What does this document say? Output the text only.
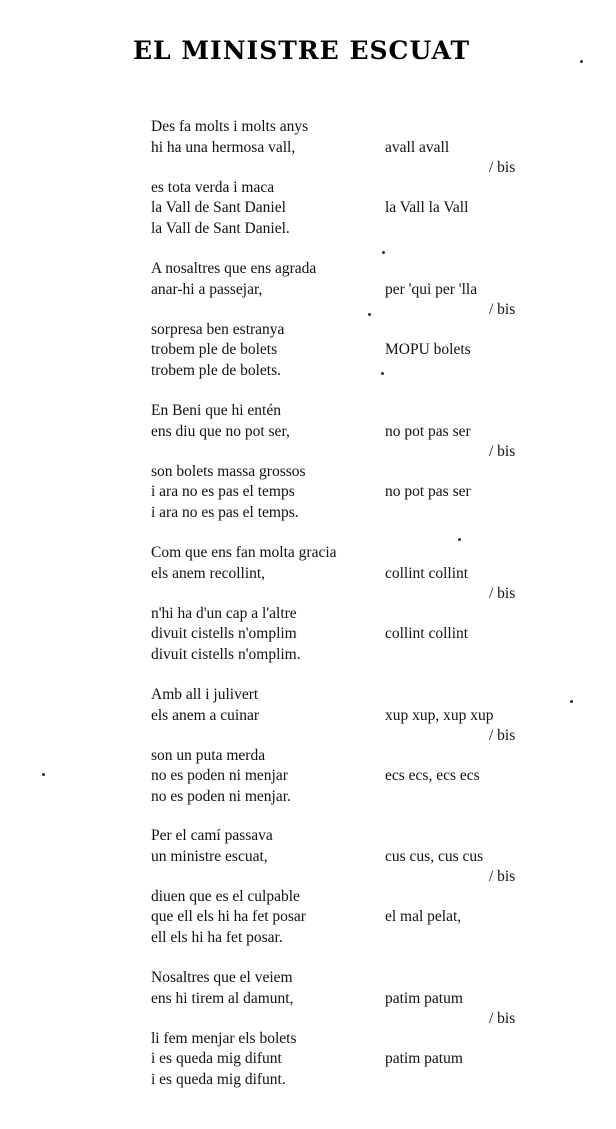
EL MINISTRE ESCUAT
Des fa molts i molts anys
hi ha una hermosa vall,	avall avall
/ bis
es tota verda i maca
la Vall de Sant Daniel	la Vall la Vall
la Vall de Sant Daniel.
A nosaltres que ens agrada
anar-hi a passejar,	per 'qui per 'lla
/ bis
sorpresa ben estranya
trobem ple de bolets	MOPU bolets
trobem ple de bolets.
En Beni que hi entén
ens diu que no pot ser,	no pot pas ser
/ bis
son bolets massa grossos
i ara no es pas el temps	no pot pas ser
i ara no es pas el temps.
Com que ens fan molta gracia
els anem recollint,	collint collint
/ bis
n'hi ha d'un cap a l'altre
divuit cistells n'omplim	collint collint
divuit cistells n'omplim.
Amb all i julivert
els anem a cuinar	xup xup, xup xup
/ bis
son un puta merda
no es poden ni menjar	ecs ecs, ecs ecs
no es poden ni menjar.
Per el camí passava
un ministre escuat,	cus cus, cus cus
/ bis
diuen que es el culpable
que ell els hi ha fet posar	el mal pelat,
ell els hi ha fet posar.
Nosaltres que el veiem
ens hi tirem al damunt,	patim patum
/ bis
li fem menjar els bolets
i es queda mig difunt	patim patum
i es queda mig difunt.
